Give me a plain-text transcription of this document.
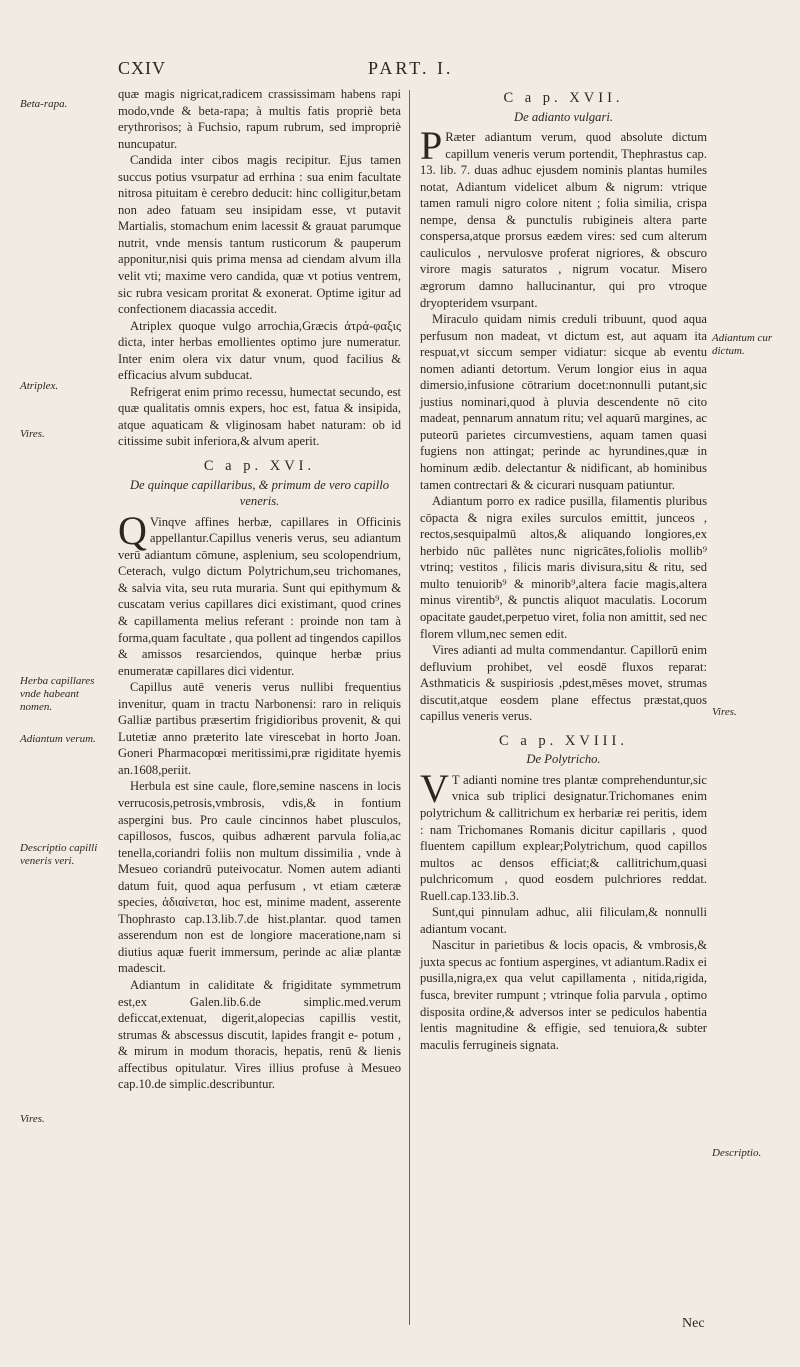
CXIV	PART. I.

quæ magis nigricat,radicem crassissimam habens rapi modo,vnde & beta-rapa; à multis fatis propriè beta erythrorisos; à Fuchsio, rapum rubrum, sed impropriè nuncupatur.

Candida inter cibos magis recipitur. Ejus tamen succus potius vsurpatur ad errhina : sua enim facultate nitrosa pituitam è cerebro deducit: hinc colligitur,betam non adeo fatuam seu insipidam esse, vt putavit Martialis, stomachum enim lacessit & grauat parumque nutrit, vnde mensis tantum rusticorum & pauperum apponitur,nisi quis prima mensa ad ciendam alvum illa velit vti; maxime vero candida, quæ vt potius ventrem, sic rubra vesicam proritat & exonerat. Optime igitur ad confectionem diacassia accedit.

Atriplex quoque vulgo arrochia,Græcis ἀτρά-φαξις dicta, inter herbas emollientes optimo jure numeratur. Inter enim olera vix datur vnum, quod facilius & efficacius alvum subducat.

Refrigerat enim primo recessu, humectat secundo, est quæ qualitatis omnis expers, hoc est, fatua & insipida, atque aquaticam & vliginosam habet naturam: ob id citissime subit inferiora,& alvum aperit.

C a p. XVI.
De quinque capillaribus, & primum de vero capillo veneris.

Q Vinqve affines herbæ, capillares in Officinis appellantur.Capillus veneris verus, seu adiantum verū adiantum cōmune, asplenium, seu scolopendrium, Ceterach, vulgo dictum Polytrichum,seu trichomanes, & salvia vita, seu ruta muraria. Sunt qui epithymum & cuscatam verius capillares dici existimant, quod crines & capillamenta melius referant : proinde non tam à forma,quam facultate , qua pollent ad tingendos capillos & amissos resarciendos, quinque herbæ prius enumeratæ capillares dici videntur.

Capillus autē veneris verus nullibi frequentius invenitur, quam in tractu Narbonensi: raro in reliquis Galliæ partibus præsertim frigidioribus provenit, & qui Lutetiæ anno præterito late virescebat in horto Joan. Goneri Pharmacopœi meritissimi,præ rigiditate hyemis an.1608,periit.

Herbula est sine caule, flore,semine nascens in locis verrucosis,petrosis,vmbrosis, vdis,& in fontium aspergini bus. Pro caule cincinnos habet plusculos, capillosos, fuscos, quibus adhærent parvula folia,ac tenella,coriandri foliis non multum dissimilia , vnde à Mesueo coriandrū puteivocatur. Nomen autem adianti datum fuit, quod aqua perfusum , vt etiam cæteræ species, ἀδιαίνεται, hoc est, minime madent, asserente Thophrasto cap.13.lib.7.de hist.plantar. quod tamen asserendum non est de longiore maceratione,nam si diutius aquæ fuerit immersum, perinde ac aliæ plantæ madescit.

Adiantum in caliditate & frigiditate symmetrum est,ex Galen.lib.6.de simplic.med.verum deficcat,extenuat, digerit,alopecias capillis vestit, strumas & abscessus discutit, lapides frangit e- potum , & mirum in modum thoracis, hepatis, renū & lienis affectibus opitulatur. Vires illius profuse à Mesueo cap.10.de simplic.describuntur.

C a p. XVII.
De adianto vulgari.

P Ræter adiantum verum, quod absolute dictum capillum veneris verum portendit, Thephrastus cap. 13. lib. 7. duas adhuc ejusdem nominis plantas humiles notat, Adiantum videlicet album & nigrum: vtrique tamen ramuli nigro colore nitent ; folia similia, crispa nempe, densa & punctulis rubigineis altera parte conspersa,atque prorsus eædem vires: sed cum alterum cauliculos , nervulosve proferat nigriores, & obscuro virore magis saturatos , nigrum vocatur. Misero ægrorum damno hallucinantur, qui pro vtroque dryopteridem vsurpant.

Miraculo quidam nimis creduli tribuunt, quod aqua perfusum non madeat, vt dictum est, aut aquam ita respuat,vt siccum semper vidiatur: sicque ab eventu nomen adianti detortum. Verum longior eius in aqua dimersio,infusione cōtrarium docet:nonnulli putant,sic justius nominari,quod à pluvia descendente nō cito madeat, pennarum annatum ritu; vel aquarū margines, ac puteorū parietes circumvestiens, aquam tamen quasi fugiens non attingat; perinde ac hyrundines,quæ in hominum ædib. delectantur & nidificant, ab hominibus tamen contrectari & & cicurari nusquam patiuntur.

Adiantum porro ex radice pusilla, filamentis pluribus cōpacta & nigra exiles surculos emittit, junceos , rectos,sesquipalmū altos,& aliquando longiores,ex herbido nūc pallètes nunc nigricātes,foliolis mollib⁹ vtrinq; vestitos , filicis maris divisura,situ & ritu, sed multo tenuiorib⁹ & minorib⁹,altera facie magis,altera minus virentib⁹, & punctis aliquot maculatis. Locorum opacitate gaudet,perpetuo viret, folia non amittit, sed nec florem vllum,nec semen edit.

Vires adianti ad multa commendantur. Capillorū enim defluvium prohibet, vel eosdē fluxos reparat: Asthmaticis & suspiriosis ,pdest,mēses movet, strumas discutit,atque eosdem plane effectus præstat,quos capillus veneris verus.

C a p. XVIII.
De Polytricho.

V T adianti nomine tres plantæ comprehenduntur,sic vnica sub triplici designatur.Trichomanes enim polytrichum & callitrichum ex herbariæ rei peritis, idem : nam Trichomanes Romanis dicitur capillaris , quod fluentem capillum explear;Polytrichum, quod capillos multos ac densos efficiat;& callitrichum,quasi pulchricomum , quod eosdem pulchriores reddat. Ruell.cap.133.lib.3.

Sunt,qui pinnulam adhuc, alii filiculam,& nonnulli adiantum vocant.

Nascitur in parietibus & locis opacis, & vmbrosis,& juxta specus ac fontium aspergines, vt adiantum.Radix ei pusilla,nigra,ex qua velut capillamenta , nitida,rigida, fusca, breviter rumpunt ; vtrinque folia parvula , optimo disposita ordine,& adversos inter se pediculos habentia lentis magnitudine & effigie, sed tenuiora,& subter maculis ferrugineis signata.

Beta-rapa.
Atriplex.
Vires.
Herba capillares vnde habeant nomen.
Adiantum verum.
Descriptio capilli veneris veri.
Vires.
Adiantum cur dictum.
Vires.
Descriptio.
Nec
